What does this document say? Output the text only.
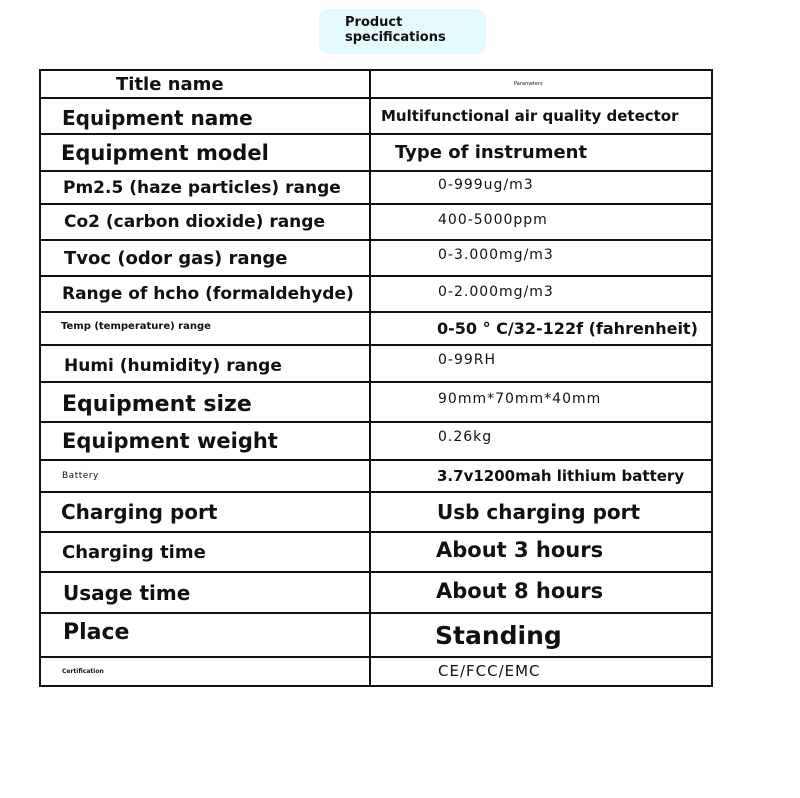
Product
specifications
Title name	Parameters

Equipment name	Multifunctional air quality detector

Equipment model	Type of instrument

Pm2.5 (haze particles) range	0-999ug/m3

Co2 (carbon dioxide) range	400-5000ppm

Tvoc (odor gas) range	0-3.000mg/m3

Range of hcho (formaldehyde)	0-2.000mg/m3

Temp (temperature) range	0-50 ° C/32-122f (fahrenheit)

Humi (humidity) range	0-99RH

Equipment size	90mm*70mm*40mm

Equipment weight	0.26kg

Battery	3.7v1200mah lithium battery

Charging port	Usb charging port

Charging time	About 3 hours

Usage time	About 8 hours

Place	Standing

Certification	CE/FCC/EMC
